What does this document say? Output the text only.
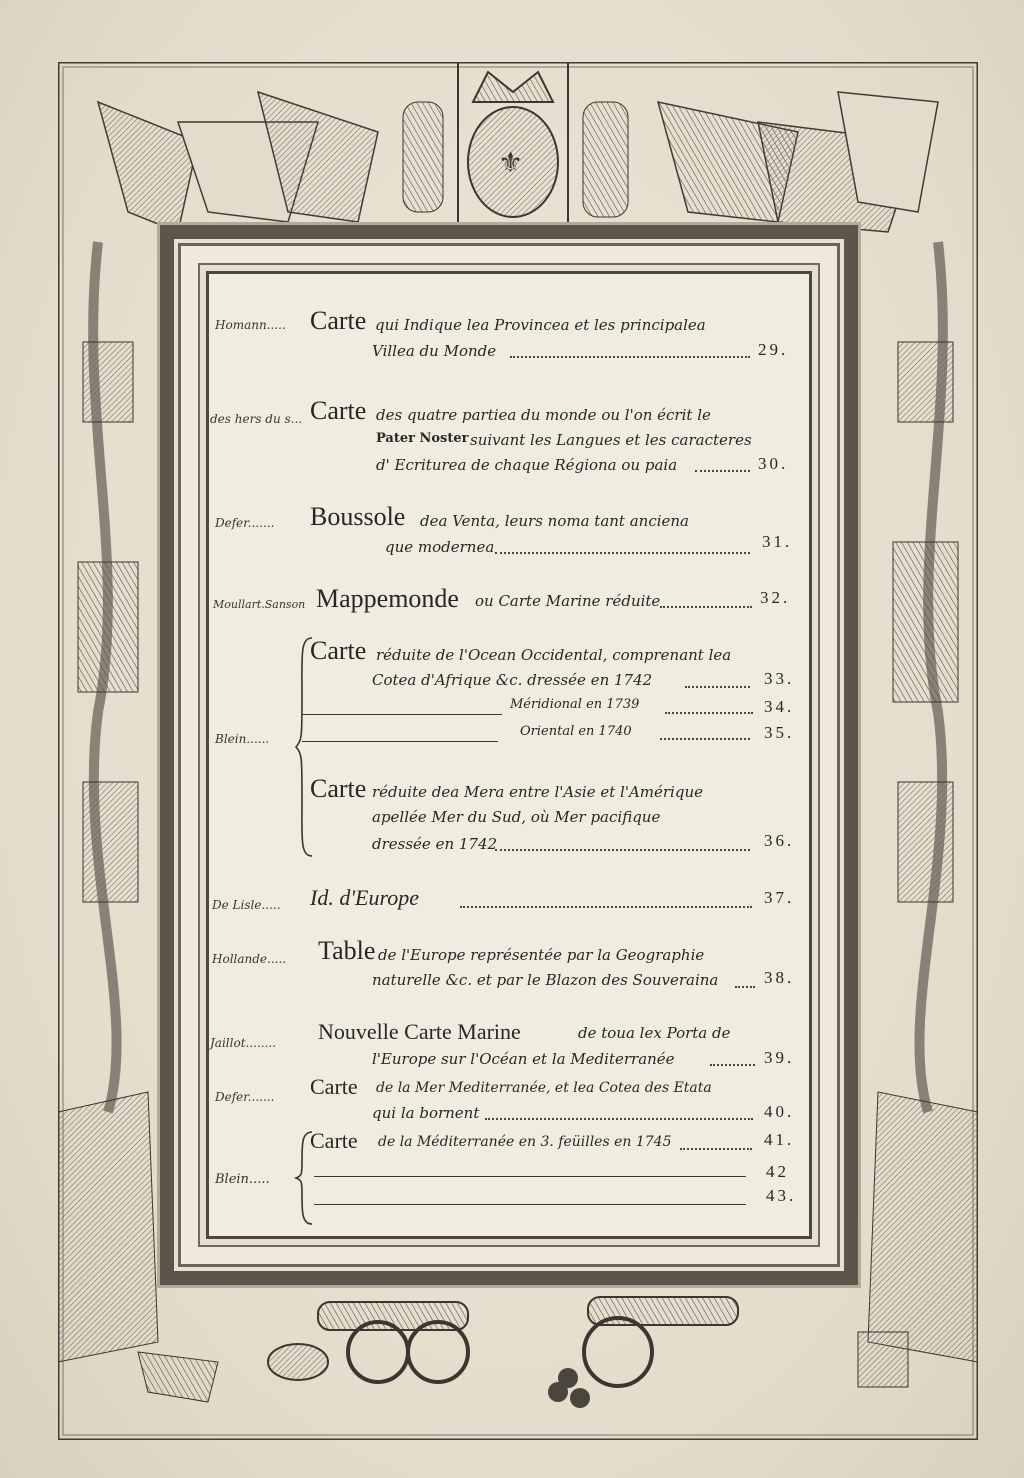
⚜
Homann..... Carte qui Indique lea Provincea et les principalea
Villea du Monde	29.
des hers du s... Carte des quatre partiea du monde ou l'on écrit le
Pater Noster suivant les Langues et les caracteres
d' Ecriturea de chaque Régiona ou paia	30.
Defer....... Boussole dea Venta, leurs noma tant anciena
que modernea	31.
Moullart.Sanson Mappemonde ou Carte Marine réduite	32.
Blein......
Carte réduite de l'Ocean Occidental, comprenant lea
Cotea d'Afrique &c. dressée en 1742	33.
Méridional en 1739	34.
Oriental en 1740	35.
Carte réduite dea Mera entre l'Asie et l'Amérique
apellée Mer du Sud, où Mer pacifique
dressée en 1742	36.
De Lisle..... Id. d'Europe	37.
Hollande..... Table de l'Europe représentée par la Geographie
naturelle &c. et par le Blazon des Souveraina	38.
Jaillot........ Nouvelle Carte Marine	de toua lex Porta de
l'Europe sur l'Océan et la Mediterranée	39.
Defer....... Carte de la Mer Mediterranée, et lea Cotea des Etata
qui la bornent	40.
Blein.....
Carte de la Méditerranée en 3. feüilles en 1745	41.
42
43.
